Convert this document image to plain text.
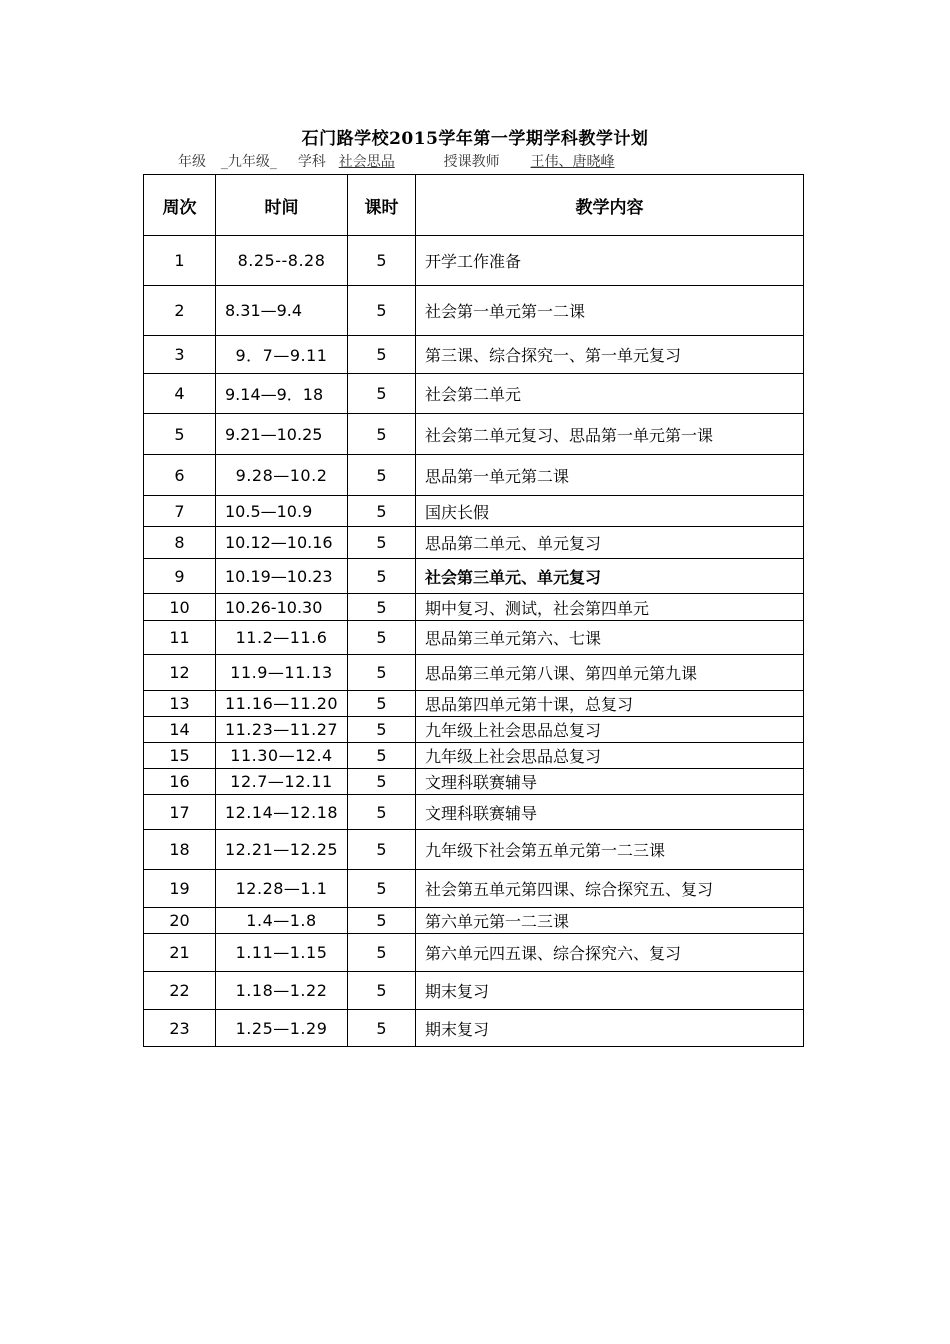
石门路学校2015学年第一学期学科教学计划
年级 _九年级_ 学科 社会思品	授课教师 王伟、唐晓峰
周次	时间	课时	教学内容
1	8.25--8.28	5	开学工作准备
2	8.31—9.4	5	社会第一单元第一二课
3	9．7—9.11	5	第三课、综合探究一、第一单元复习
4	9.14—9．18	5	社会第二单元
5	9.21—10.25	5	社会第二单元复习、思品第一单元第一课
6	9.28—10.2	5	思品第一单元第二课
7	10.5—10.9	5	国庆长假
8	10.12—10.16	5	思品第二单元、单元复习
9	10.19—10.23	5	社会第三单元、单元复习
10	10.26-10.30	5	期中复习、测试，社会第四单元
11	11.2—11.6	5	思品第三单元第六、七课
12	11.9—11.13	5	思品第三单元第八课、第四单元第九课
13	11.16—11.20	5	思品第四单元第十课，总复习
14	11.23—11.27	5	九年级上社会思品总复习
15	11.30—12.4	5	九年级上社会思品总复习
16	12.7—12.11	5	文理科联赛辅导
17	12.14—12.18	5	文理科联赛辅导
18	12.21—12.25	5	九年级下社会第五单元第一二三课
19	12.28—1.1	5	社会第五单元第四课、综合探究五、复习
20	1.4—1.8	5	第六单元第一二三课
21	1.11—1.15	5	第六单元四五课、综合探究六、复习
22	1.18—1.22	5	期末复习
23	1.25—1.29	5	期末复习
